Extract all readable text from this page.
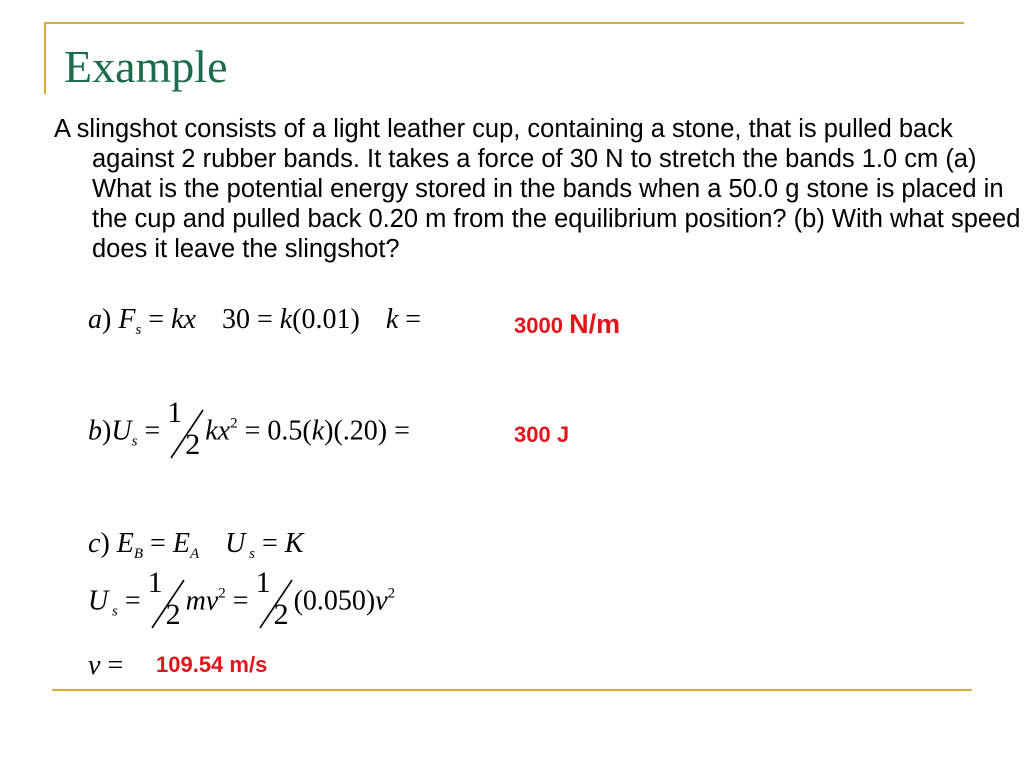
Example
A slingshot consists of a light leather cup, containing a stone, that is pulled back against 2 rubber bands. It takes a force of 30 N to stretch the bands 1.0 cm (a) What is the potential energy stored in the bands when a 50.0 g stone is placed in the cup and pulled back 0.20 m from the equilibrium position? (b) With what speed does it leave the slingshot?
a) $F_s$ = kx 30 = k(0.01) k =	3000 N/m
$b)U_s$ =
1
2 $kx^2 = 0.5(k)(.20)$ =	300 J
c) $E_B = E_A$ U $_s$ = K
U $_s$ =
1
2 $mv^2$ =
1
2 $(0.050)v^2$
v = 109.54 m/s
